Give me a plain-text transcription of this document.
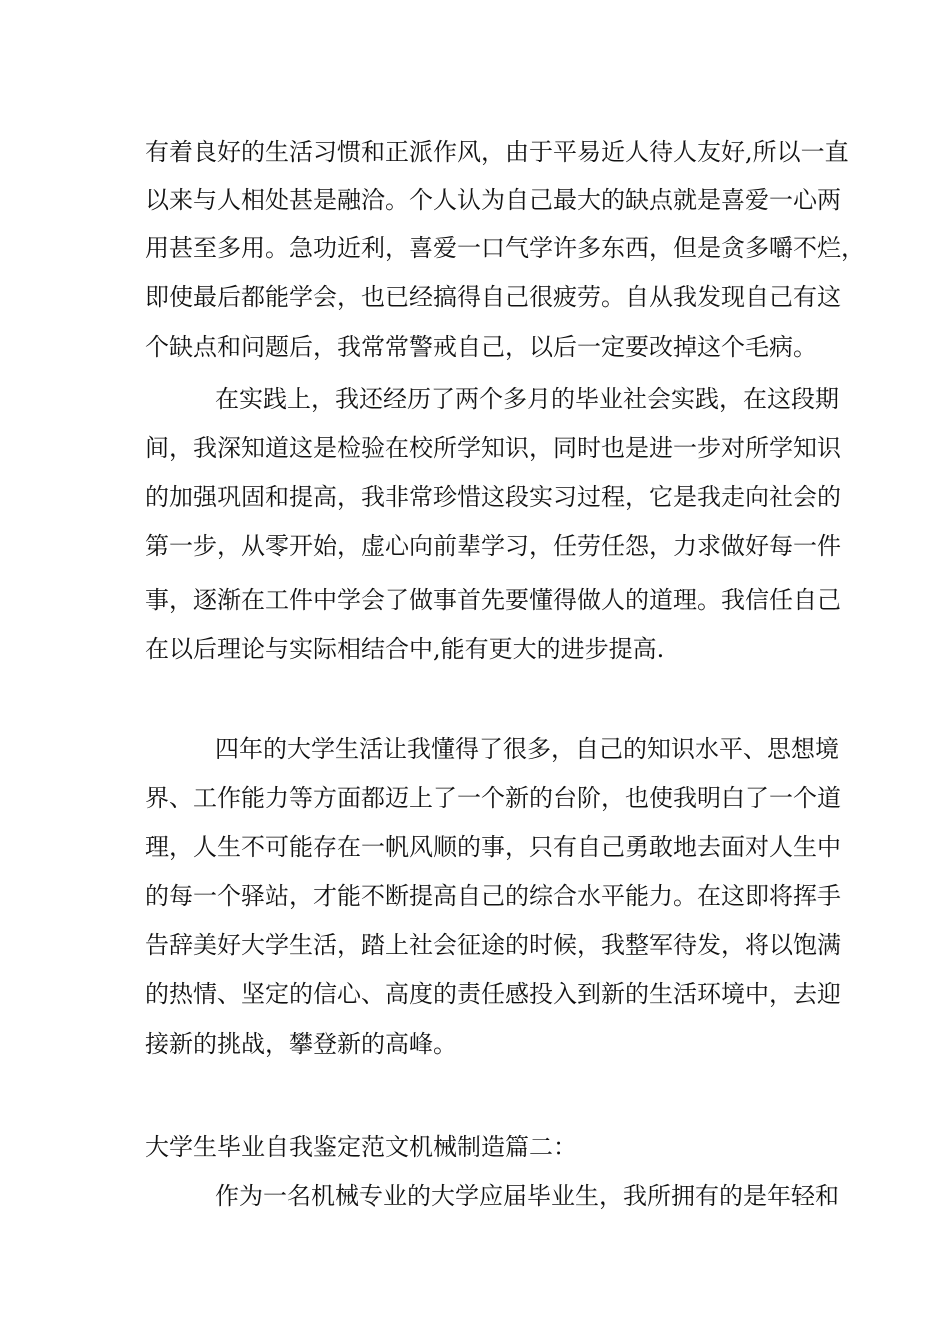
有着良好的生活习惯和正派作风，由于平易近人待人友好,所以一直
以来与人相处甚是融洽。个人认为自己最大的缺点就是喜爱一心两
用甚至多用。急功近利，喜爱一口气学许多东西，但是贪多嚼不烂，
即使最后都能学会，也已经搞得自己很疲劳。自从我发现自己有这
个缺点和问题后，我常常警戒自己，以后一定要改掉这个毛病。
在实践上，我还经历了两个多月的毕业社会实践，在这段期
间，我深知道这是检验在校所学知识，同时也是进一步对所学知识
的加强巩固和提高，我非常珍惜这段实习过程，它是我走向社会的
第一步，从零开始，虚心向前辈学习，任劳任怨，力求做好每一件
事，逐渐在工件中学会了做事首先要懂得做人的道理。我信任自己
在以后理论与实际相结合中,能有更大的进步提高.
四年的大学生活让我懂得了很多，自己的知识水平、思想境
界、工作能力等方面都迈上了一个新的台阶，也使我明白了一个道
理，人生不可能存在一帆风顺的事，只有自己勇敢地去面对人生中
的每一个驿站，才能不断提高自己的综合水平能力。在这即将挥手
告辞美好大学生活，踏上社会征途的时候，我整军待发，将以饱满
的热情、坚定的信心、高度的责任感投入到新的生活环境中，去迎
接新的挑战，攀登新的高峰。
大学生毕业自我鉴定范文机械制造篇二：
作为一名机械专业的大学应届毕业生，我所拥有的是年轻和
